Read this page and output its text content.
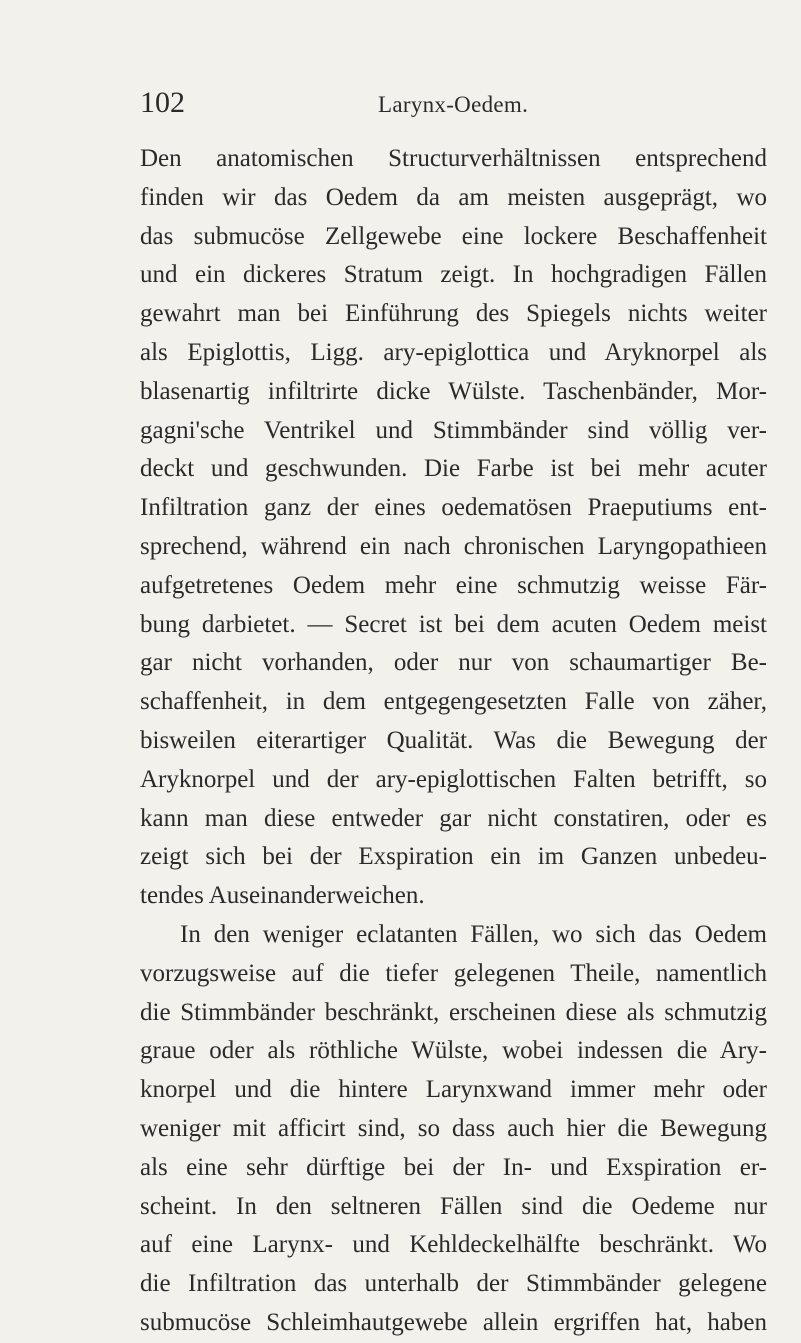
102	Larynx-Oedem.
Den anatomischen Structurverhältnissen entsprechend
finden wir das Oedem da am meisten ausgeprägt, wo
das submucöse Zellgewebe eine lockere Beschaffenheit
und ein dickeres Stratum zeigt. In hochgradigen Fällen
gewahrt man bei Einführung des Spiegels nichts weiter
als Epiglottis, Ligg. ary-epiglottica und Aryknorpel als
blasenartig infiltrirte dicke Wülste. Taschenbänder, Mor-
gagni'sche Ventrikel und Stimmbänder sind völlig ver-
deckt und geschwunden. Die Farbe ist bei mehr acuter
Infiltration ganz der eines oedematösen Praeputiums ent-
sprechend, während ein nach chronischen Laryngopathieen
aufgetretenes Oedem mehr eine schmutzig weisse Fär-
bung darbietet. — Secret ist bei dem acuten Oedem meist
gar nicht vorhanden, oder nur von schaumartiger Be-
schaffenheit, in dem entgegengesetzten Falle von zäher,
bisweilen eiterartiger Qualität. Was die Bewegung der
Aryknorpel und der ary-epiglottischen Falten betrifft, so
kann man diese entweder gar nicht constatiren, oder es
zeigt sich bei der Exspiration ein im Ganzen unbedeu-
tendes Auseinanderweichen.
In den weniger eclatanten Fällen, wo sich das Oedem
vorzugsweise auf die tiefer gelegenen Theile, namentlich
die Stimmbänder beschränkt, erscheinen diese als schmutzig
graue oder als röthliche Wülste, wobei indessen die Ary-
knorpel und die hintere Larynxwand immer mehr oder
weniger mit afficirt sind, so dass auch hier die Bewegung
als eine sehr dürftige bei der In- und Exspiration er-
scheint. In den seltneren Fällen sind die Oedeme nur
auf eine Larynx- und Kehldeckelhälfte beschränkt. Wo
die Infiltration das unterhalb der Stimmbänder gelegene
submucöse Schleimhautgewebe allein ergriffen hat, haben
